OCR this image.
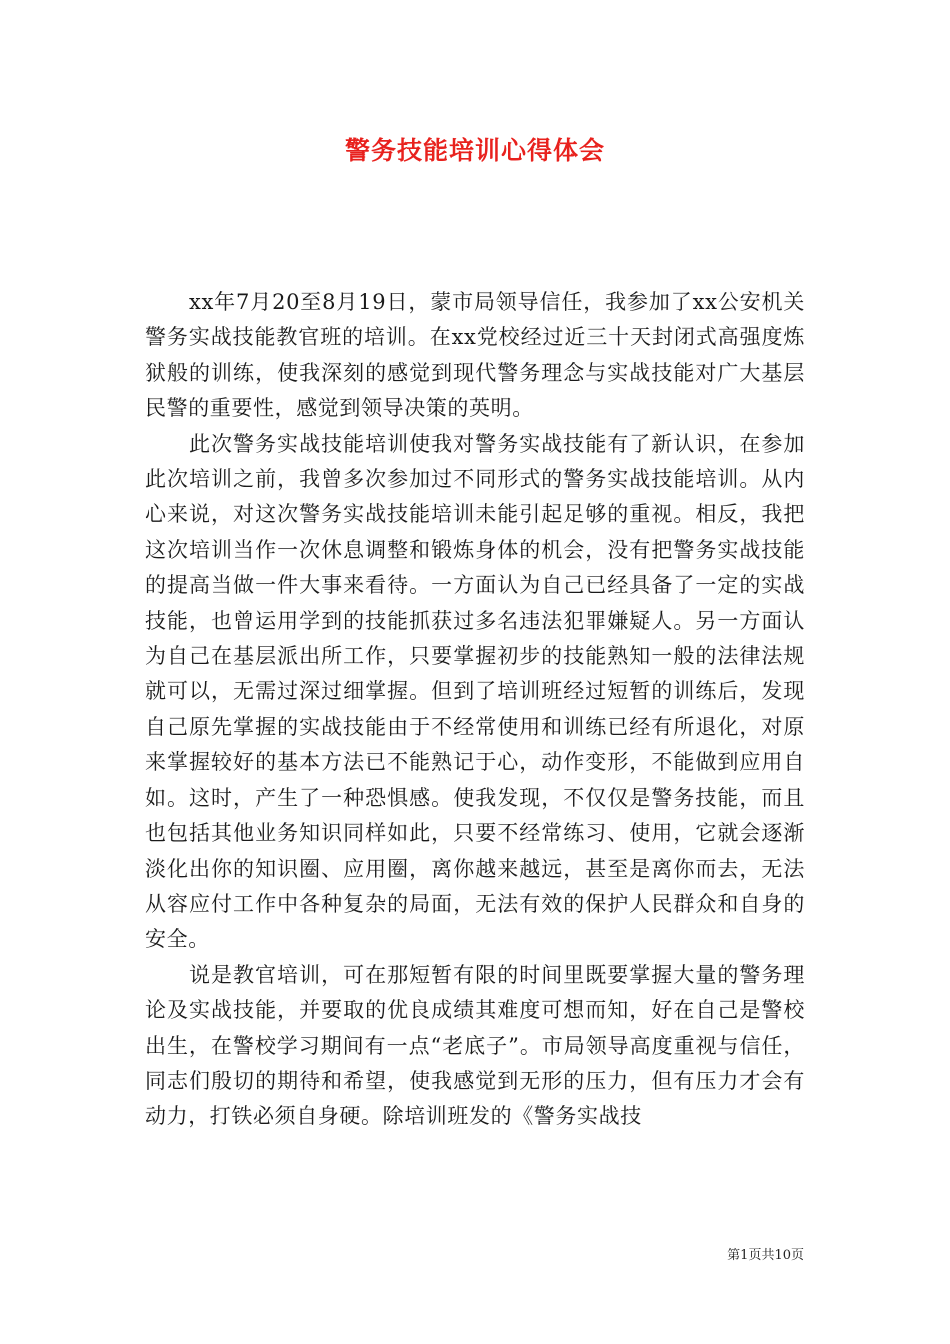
警务技能培训心得体会

xx年7月20至8月19日，蒙市局领导信任，我参加了xx公安机关警务实战技能教官班的培训。在xx党校经过近三十天封闭式高强度炼狱般的训练，使我深刻的感觉到现代警务理念与实战技能对广大基层民警的重要性，感觉到领导决策的英明。

此次警务实战技能培训使我对警务实战技能有了新认识，在参加此次培训之前，我曾多次参加过不同形式的警务实战技能培训。从内心来说，对这次警务实战技能培训未能引起足够的重视。相反，我把这次培训当作一次休息调整和锻炼身体的机会，没有把警务实战技能的提高当做一件大事来看待。一方面认为自己已经具备了一定的实战技能，也曾运用学到的技能抓获过多名违法犯罪嫌疑人。另一方面认为自己在基层派出所工作，只要掌握初步的技能熟知一般的法律法规就可以，无需过深过细掌握。但到了培训班经过短暂的训练后，发现自己原先掌握的实战技能由于不经常使用和训练已经有所退化，对原来掌握较好的基本方法已不能熟记于心，动作变形，不能做到应用自如。这时，产生了一种恐惧感。使我发现，不仅仅是警务技能，而且也包括其他业务知识同样如此，只要不经常练习、使用，它就会逐渐淡化出你的知识圈、应用圈，离你越来越远，甚至是离你而去，无法从容应付工作中各种复杂的局面，无法有效的保护人民群众和自身的安全。

说是教官培训，可在那短暂有限的时间里既要掌握大量的警务理论及实战技能，并要取的优良成绩其难度可想而知，好在自己是警校出生，在警校学习期间有一点“老底子”。市局领导高度重视与信任，同志们殷切的期待和希望，使我感觉到无形的压力，但有压力才会有动力，打铁必须自身硬。除培训班发的《警务实战技

第1页共10页
